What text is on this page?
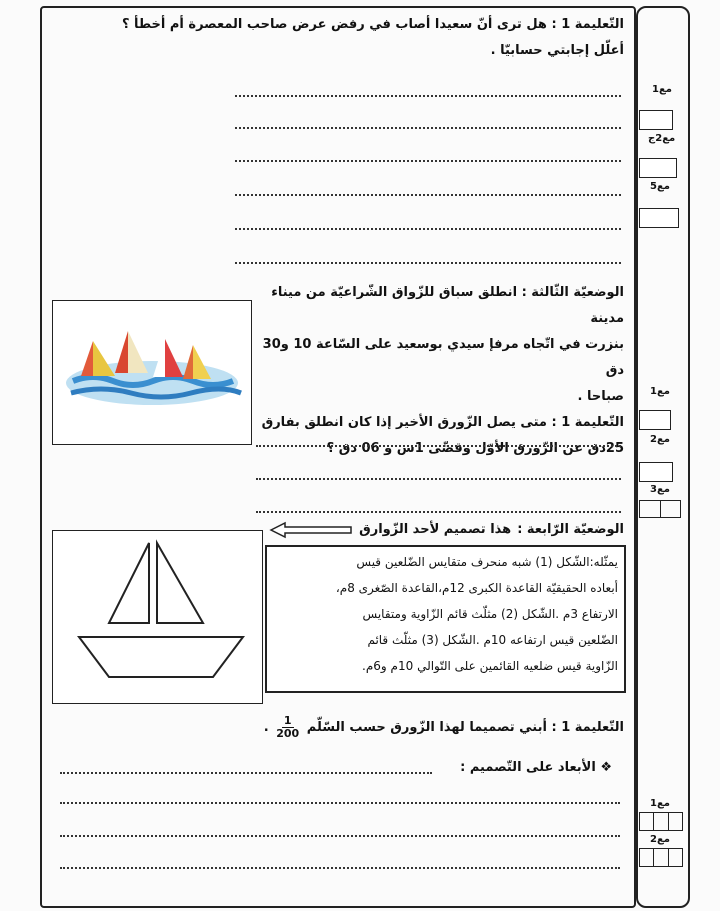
التّعليمة 1 : هل ترى أنّ سعيدا أصاب في رفض عرض صاحب المعصرة أم أخطأ ؟
أعلّل إجابتي حسابيّا .
الوضعيّة الثّالثة : انطلق سباق للزّواق الشّراعيّة من ميناء مدينة
بنزرت في اتّجاه مرفإ سيدي بوسعيد على السّاعة 10 و30 دق
صباحا .
التّعليمة 1 : متى يصل الزّورق الأخير إذا كان انطلق بفارق
25دق عن الزّورق الأوّل وقضّى 1س و 06 دق ؟
الوضعيّة الرّابعة :
هذا تصميم لأحد الزّوارق
يمثّله:الشّكل (1) شبه منحرف متقايس الضّلعين قيس
أبعاده الحقيقيّة القاعدة الكبرى 12م،القاعدة الصّغرى 8م،
الارتفاع 3م .الشّكل (2) مثلّث قائم الزّاوية ومتقايس
الضّلعين قيس ارتفاعه 10م .الشّكل (3) مثلّث قائم
الزّاوية قيس ضلعيه القائمين على التّوالي 10م و6م.
التّعليمة 1 : أبني تصميما لهذا الزّورق حسب السّلّم
$\frac{1}{200}$
.
❖ الأبعاد على التّصميم :
مع1
مع2ج
مع5
مع1
مع2
مع3
مع1
مع2
